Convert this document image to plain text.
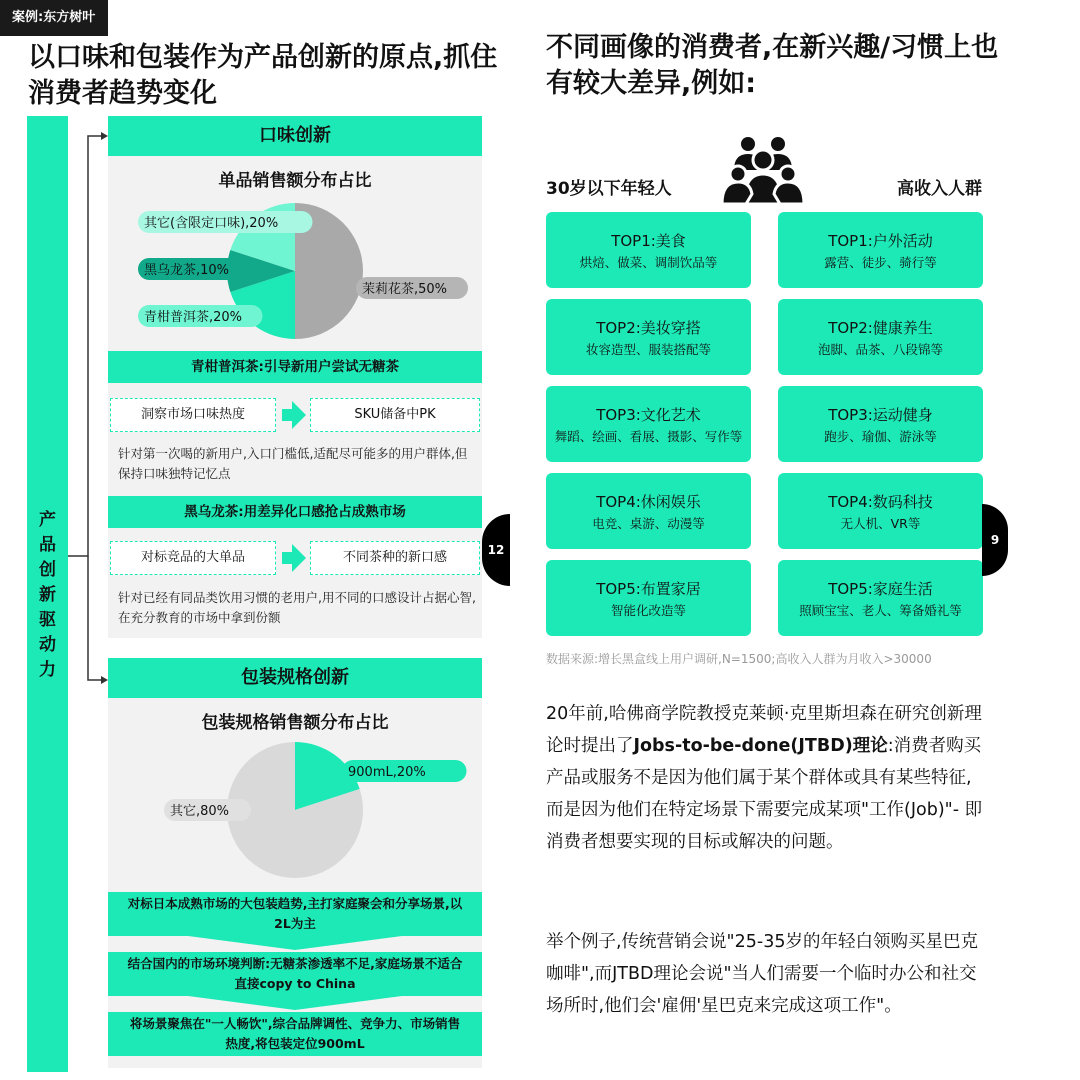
案例:东方树叶
以口味和包装作为产品创新的原点,抓住消费者趋势变化
产
品
创
新
驱
动
力
口味创新
单品销售额分布占比
茉莉花茶,50%
青柑普洱茶,20%
黑乌龙茶,10%
其它(含限定口味),20%
青柑普洱茶:引导新用户尝试无糖茶
洞察市场口味热度	SKU储备中PK
针对第一次喝的新用户,入口门槛低,适配尽可能多的用户群体,但保持口味独特记忆点
黑乌龙茶:用差异化口感抢占成熟市场
对标竞品的大单品	不同茶种的新口感
针对已经有同品类饮用习惯的老用户,用不同的口感设计占据心智,在充分教育的市场中拿到份额
12
包装规格创新
包装规格销售额分布占比
900mL,20%
其它,80%
对标日本成熟市场的大包装趋势,主打家庭聚会和分享场景,以2L为主
结合国内的市场环境判断:无糖茶渗透率不足,家庭场景不适合直接copy to China
将场景聚焦在"一人畅饮",综合品牌调性、竞争力、市场销售热度,将包装定位900mL
不同画像的消费者,在新兴趣/习惯上也有较大差异,例如:
30岁以下年轻人	高收入人群
TOP1:美食
烘焙、做菜、调制饮品等
TOP2:美妆穿搭
妆容造型、服装搭配等
TOP3:文化艺术
舞蹈、绘画、看展、摄影、写作等
TOP4:休闲娱乐
电竞、桌游、动漫等
TOP5:布置家居
智能化改造等
TOP1:户外活动
露营、徒步、骑行等
TOP2:健康养生
泡脚、品茶、八段锦等
TOP3:运动健身
跑步、瑜伽、游泳等
TOP4:数码科技
无人机、VR等
TOP5:家庭生活
照顾宝宝、老人、筹备婚礼等
9
数据来源:增长黑盒线上用户调研,N=1500;高收入人群为月收入>30000
20年前,哈佛商学院教授克莱顿·克里斯坦森在研究创新理论时提出了Jobs-to-be-done(JTBD)理论:消费者购买产品或服务不是因为他们属于某个群体或具有某些特征, 而是因为他们在特定场景下需要完成某项"工作(Job)"- 即消费者想要实现的目标或解决的问题。
举个例子,传统营销会说"25-35岁的年轻白领购买星巴克咖啡",而JTBD理论会说"当人们需要一个临时办公和社交场所时,他们会'雇佣'星巴克来完成这项工作"。
